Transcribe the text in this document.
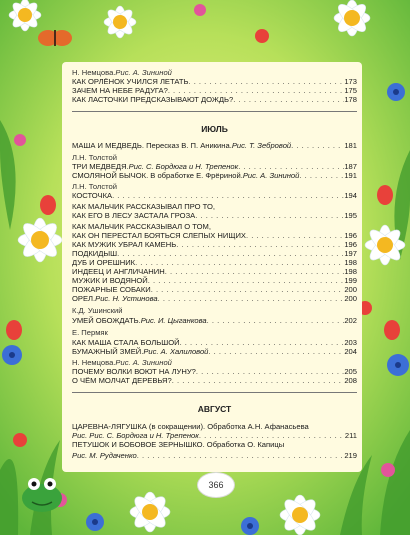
Н. Немцова. Рис. А. Зининой
КАК ОРЛЁНОК УЧИЛСЯ ЛЕТАТЬ . . .	173
ЗАЧЕМ НА НЕБЕ РАДУГА? . . .	175
КАК ЛАСТОЧКИ ПРЕДСКАЗЫВАЮТ ДОЖДЬ? . . .	178
ИЮЛЬ
МАША И МЕДВЕДЬ. Пересказ В. П. Аникина. Рис. Т. Зебровой . . .	181
Л.Н. Толстой
ТРИ МЕДВЕДЯ. Рис. С. Бордюга и Н. Трепенок . . .	187
СМОЛЯНОЙ БЫЧОК. В обработке Е. Фрёриной. Рис. А. Зининой . . .	191
Л.Н. Толстой
КОСТОЧКА . . .	194
КАК МАЛЬЧИК РАССКАЗЫВАЛ ПРО ТО,
КАК ЕГО В ЛЕСУ ЗАСТАЛА ГРОЗА . . .	195
КАК МАЛЬЧИК РАССКАЗЫВАЛ О ТОМ,
КАК ОН ПЕРЕСТАЛ БОЯТЬСЯ СЛЕПЫХ НИЩИХ . . .	196
КАК МУЖИК УБРАЛ КАМЕНЬ . . .	196
ПОДКИДЫШ . . .	197
ДУБ И ОРЕШНИК . . .	198
ИНДЕЕЦ И АНГЛИЧАНИН . . .	198
МУЖИК И ВОДЯНОЙ . . .	199
ПОЖАРНЫЕ СОБАКИ . . .	200
ОРЕЛ. Рис. Н. Устинова . . .	200
К.Д. Ушинский
УМЕЙ ОБОЖДАТЬ. Рис. И. Цыганкова . . .	202
Е. Пермяк
КАК МАША СТАЛА БОЛЬШОЙ . . .	203
БУМАЖНЫЙ ЗМЕЙ. Рис. А. Халиловой . . .	204
Н. Немцова. Рис. А. Зининой
ПОЧЕМУ ВОЛКИ ВОЮТ НА ЛУНУ? . . .	205
О ЧЁМ МОЛЧАТ ДЕРЕВЬЯ? . . .	208
АВГУСТ
ЦАРЕВНА-ЛЯГУШКА (в сокращении). Обработка А.Н. Афанасьева
Рис. Рис. С. Бордюга и Н. Трепенок . . .	211
ПЕТУШОК И БОБОВОЕ ЗЕРНЫШКО. Обработка О. Капицы
Рис. М. Рудаченко . . .	219
366
